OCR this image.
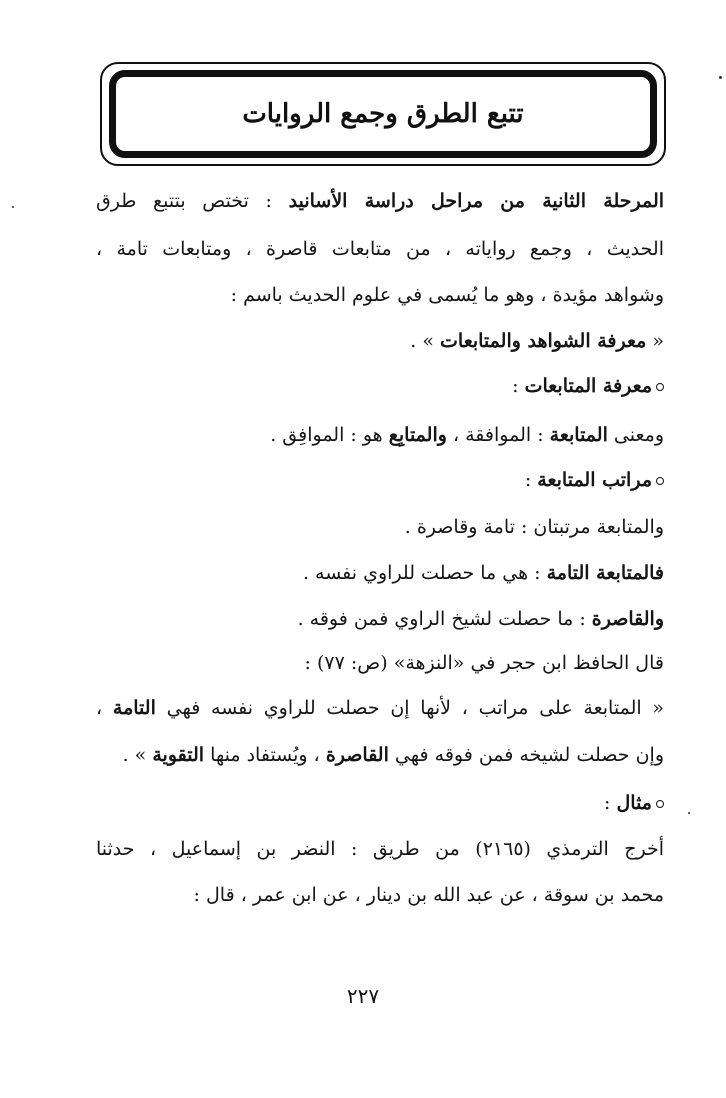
تتبع الطرق وجمع الروايات
المرحلة الثانية من مراحل دراسة الأسانيد : تختص بتتبع طرق
الحديث ، وجمع رواياته ، من متابعات قاصرة ، ومتابعات تامة ،
وشواهد مؤيدة ، وهو ما يُسمى في علوم الحديث باسم :
« معرفة الشواهد والمتابعات » .
معرفة المتابعات :
ومعنى المتابعة : الموافقة ، والمتابِع هو : الموافِق .
مراتب المتابعة :
والمتابعة مرتبتان : تامة وقاصرة .
فالمتابعة التامة : هي ما حصلت للراوي نفسه .
والقاصرة : ما حصلت لشيخ الراوي فمن فوقه .
قال الحافظ ابن حجر في «النزهة» (ص: ٧٧) :
« المتابعة على مراتب ، لأنها إن حصلت للراوي نفسه فهي التامة ،
وإن حصلت لشيخه فمن فوقه فهي القاصرة ، ويُستفاد منها التقوية » .
مثال :
أخرج الترمذي (٢١٦٥) من طريق : النضر بن إسماعيل ، حدثنا
محمد بن سوقة ، عن عبد الله بن دينار ، عن ابن عمر ، قال :
٢٢٧
